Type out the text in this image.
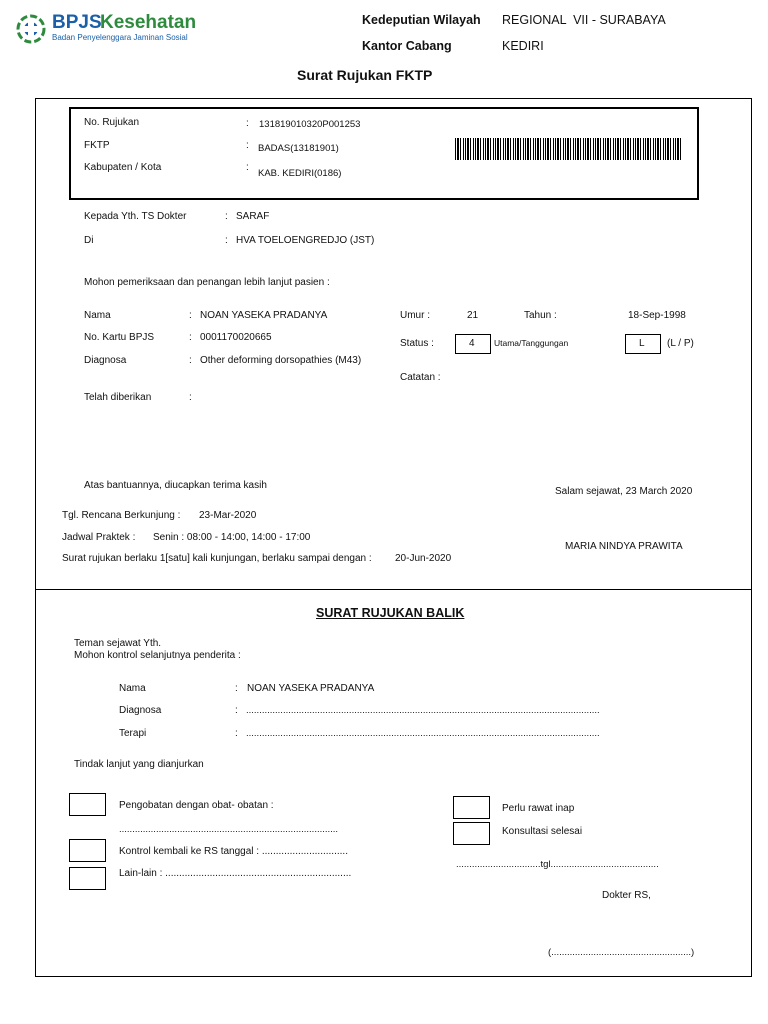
BPJS
Kesehatan
Badan Penyelenggara Jaminan Sosial
Kedeputian Wilayah REGIONAL  VII - SURABAYA
Kantor Cabang	KEDIRI
Surat Rujukan FKTP
No. Rujukan	: 131819010320P001253
FKTP	: BADAS(13181901)
Kabupaten / Kota	:
KAB. KEDIRI(0186)
Kepada Yth. TS Dokter	: SARAF
Di	: HVA TOELOENGREDJO (JST)
Mohon pemeriksaan dan penangan lebih lanjut pasien :
Nama	: NOAN YASEKA PRADANYA
No. Kartu BPJS	: 0001170020665
Diagnosa	: Other deforming dorsopathies (M43)
Telah diberikan	:
Umur :	21	Tahun :	18-Sep-1998
Status :	4 Utama/Tanggungan	L (L / P)
Catatan :
Atas bantuannya, diucapkan terima kasih
Salam sejawat, 23 March 2020
Tgl. Rencana Berkunjung : 23-Mar-2020
Jadwal Praktek : Senin : 08:00 - 14:00, 14:00 - 17:00
Surat rujukan berlaku 1[satu] kali kunjungan, berlaku sampai dengan : 20-Jun-2020
MARIA NINDYA PRAWITA
SURAT RUJUKAN BALIK
Teman sejawat Yth.
Mohon kontrol selanjutnya penderita :
Nama	: NOAN YASEKA PRADANYA
Diagnosa	: ......................................................................................................................................
Terapi	: ......................................................................................................................................
Tindak lanjut yang dianjurkan
Pengobatan dengan obat- obatan :
...................................................................................
Kontrol kembali ke RS tanggal : ...............................
Lain-lain : ...................................................................
Perlu rawat inap
Konsultasi selesai
................................tgl.........................................
Dokter RS,
(.....................................................)
